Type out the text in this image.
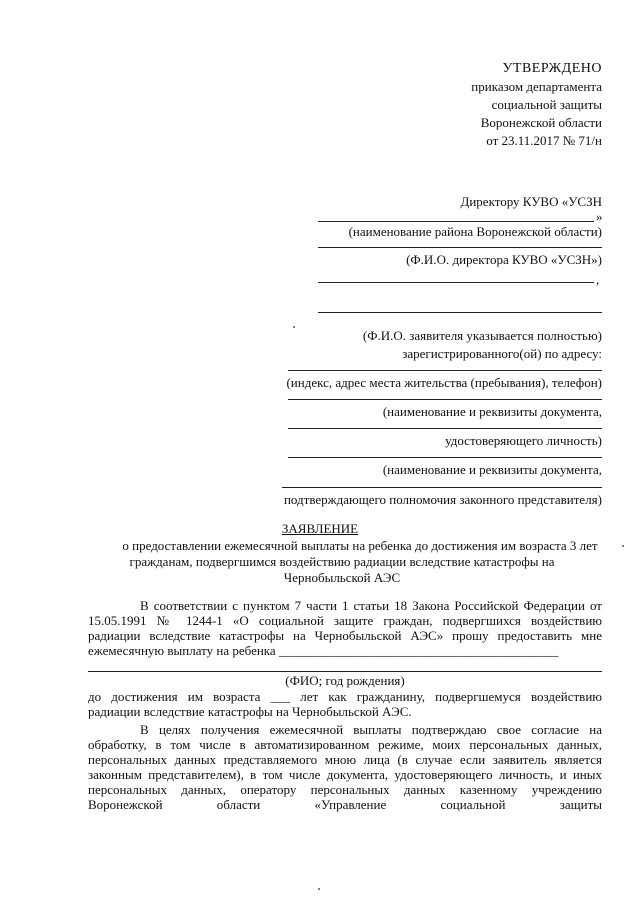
УТВЕРЖДЕНО
приказом департамента
социальной защиты
Воронежской области
от 23.11.2017 № 71/н
Директору КУВО «УСЗН
»
(наименование района Воронежской области)
(Ф.И.О. директора КУВО «УСЗН»)
,
(Ф.И.О. заявителя указывается полностью)
зарегистрированного(ой) по адресу:
(индекс, адрес места жительства (пребывания), телефон)
(наименование и реквизиты документа,
удостоверяющего личность)
(наименование и реквизиты документа,
подтверждающего полномочия законного представителя)
ЗАЯВЛЕНИЕ
о предоставлении ежемесячной выплаты на ребенка до достижения им возраста 3 лет
гражданам, подвергшимся воздействию радиации вследствие катастрофы на
Чернобыльской АЭС
В соответствии с пунктом 7 части 1 статьи 18 Закона Российской Федерации от
15.05.1991 № 1244-1 «О социальной защите граждан, подвергшихся воздействию
радиации вследствие катастрофы на Чернобыльской АЭС» прошу предоставить мне
ежемесячную выплату на ребенка ___________________________________________
(ФИО; год рождения)
до достижения им возраста ___ лет как гражданину, подвергшемуся воздействию
радиации вследствие катастрофы на Чернобыльской АЭС.
В целях получения ежемесячной выплаты подтверждаю свое согласие на
обработку, в том числе в автоматизированном режиме, моих персональных данных,
персональных данных представляемого мною лица (в случае если заявитель является
законным представителем), в том числе документа, удостоверяющего личность, и иных
персональных данных, оператору персональных данных казенному учреждению
Воронежской области «Управление социальной защиты
